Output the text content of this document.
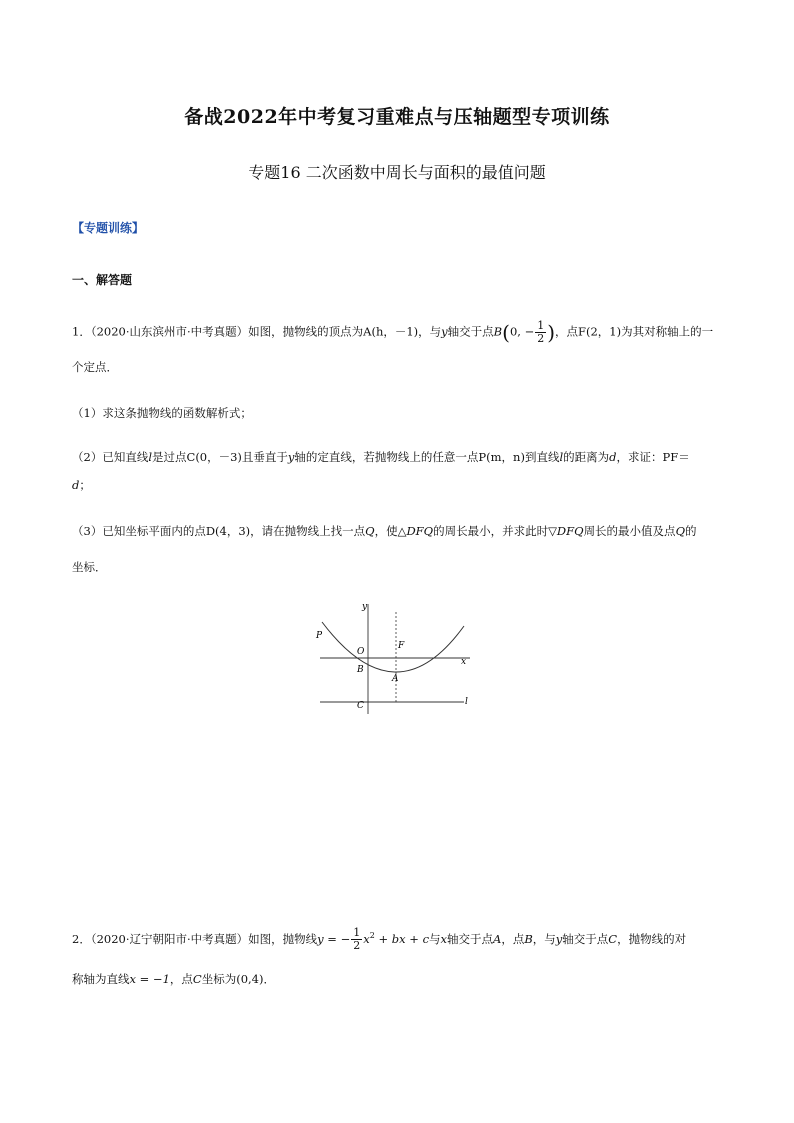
备战2022年中考复习重难点与压轴题型专项训练
专题16 二次函数中周长与面积的最值问题
【专题训练】
一、解答题
1．（2020·山东滨州市·中考真题）如图，抛物线的顶点为A(h，－1)，与y轴交于点B(0, − $\frac{1}{2}$ )，点F(2，1)为其对称轴上的一
个定点．
（1）求这条抛物线的函数解析式；
（2）已知直线l是过点C(0，－3)且垂直于y轴的定直线，若抛物线上的任意一点P(m，n)到直线l的距离为d，求证：PF＝
d；
（3）已知坐标平面内的点D(4，3)，请在抛物线上找一点Q，使△DFQ的周长最小，并求此时▽DFQ周长的最小值及点Q的
坐标．
y
P
F
O
x
B
A
C	l
2．（2020·辽宁朝阳市·中考真题）如图，抛物线y = − $\frac{1}{2} x^2$ + bx + c与x轴交于点A，点B，与y轴交于点C，抛物线的对
称轴为直线x = −1，点C坐标为(0,4)．
